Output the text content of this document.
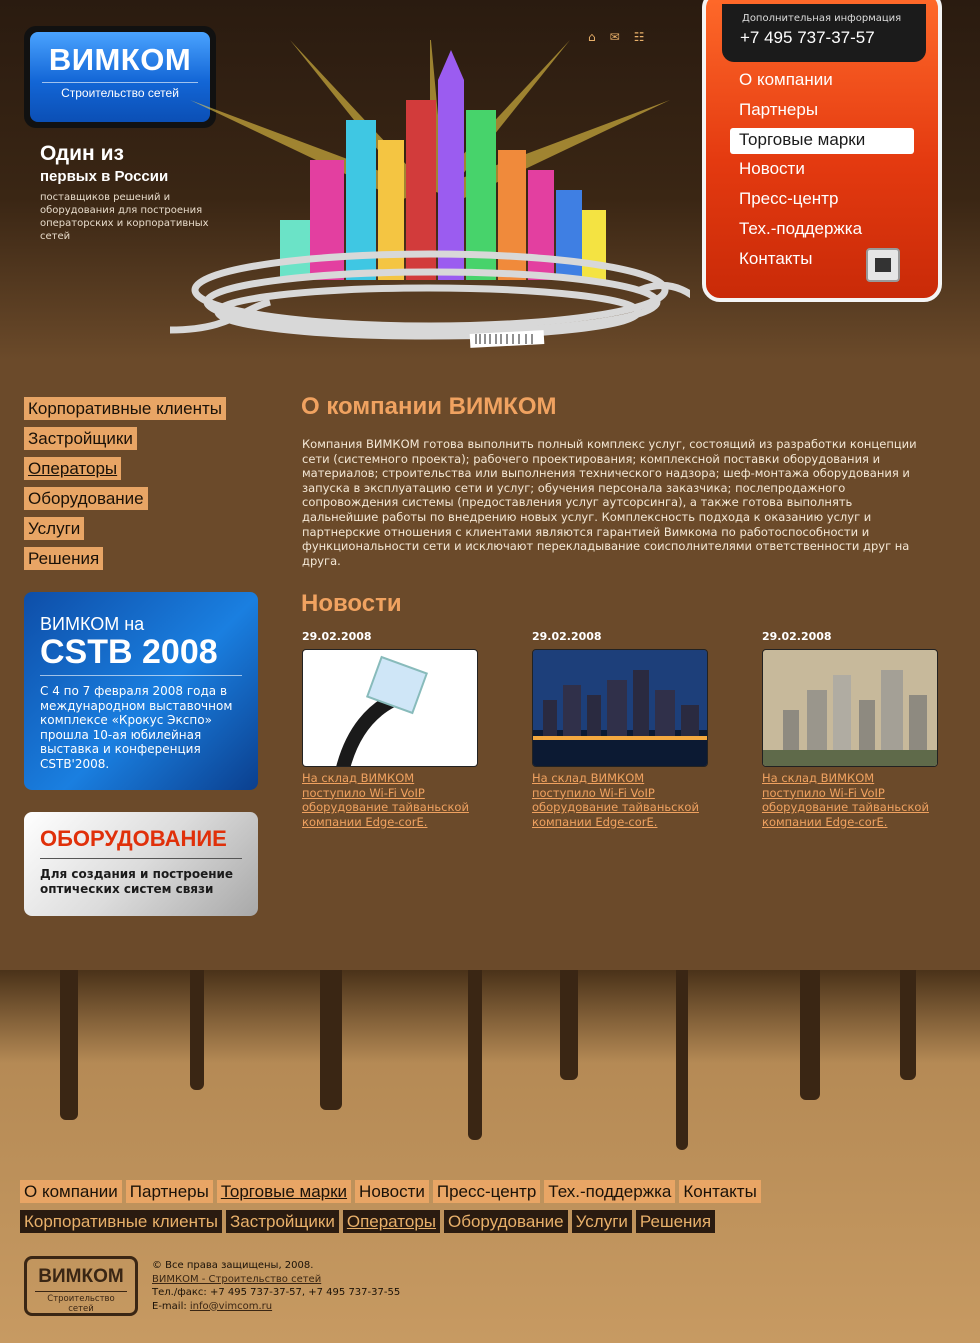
ВИМКОМ
Строительство сетей
Один из
первых в России
поставщиков решений и оборудования для построения операторских и корпоративных сетей
⌂ ✉ ☷
Дополнительная информация
+7 495 737-37-57
О компании
Партнеры
Торговые марки
Новости
Пресс-центр
Тех.-поддержка
Контакты
Корпоративные клиенты
Застройщики
Операторы
Оборудование
Услуги
Решения
ВИМКОМ на
CSTB 2008
С 4 по 7 февраля 2008 года в международном выставочном комплексе «Крокус Экспо» прошла 10-ая юбилейная выставка и конференция CSTB'2008.
ОБОРУДОВАНИЕ
Для создания и построение оптических систем связи
О компании ВИМКОМ

Компания ВИМКОМ готова выполнить полный комплекс услуг, состоящий из разработки концепции сети (системного проекта); рабочего проектирования; комплексной поставки оборудования и материалов; строительства или выполнения технического надзора; шеф-монтажа оборудования и запуска в эксплуатацию сети и услуг; обучения персонала заказчика; послепродажного сопровождения системы (предоставления услуг аутсорсинга), а также готова выполнять дальнейшие работы по внедрению новых услуг. Комплексность подхода к оказанию услуг и партнерские отношения с клиентами являются гарантией Вимкома по работоспособности и функциональности сети и исключают перекладывание соисполнителями ответственности друг на друга.

Новости
29.02.2008
На склад ВИМКОМ поступило Wi-Fi VoIP оборудование тайваньской компании Edge-corE.
29.02.2008
На склад ВИМКОМ поступило Wi-Fi VoIP оборудование тайваньской компании Edge-corE.
29.02.2008
На склад ВИМКОМ поступило Wi-Fi VoIP оборудование тайваньской компании Edge-corE.
О компании Партнеры Торговые марки Новости Пресс-центр Тех.-поддержка Контакты
Корпоративные клиенты Застройщики Операторы Оборудование Услуги Решения
ВИМКОМ
Строительство сетей
© Все права защищены, 2008.
ВИМКОМ - Строительство сетей
Тел./факс: +7 495 737-37-57, +7 495 737-37-55
E-mail: info@vimcom.ru
